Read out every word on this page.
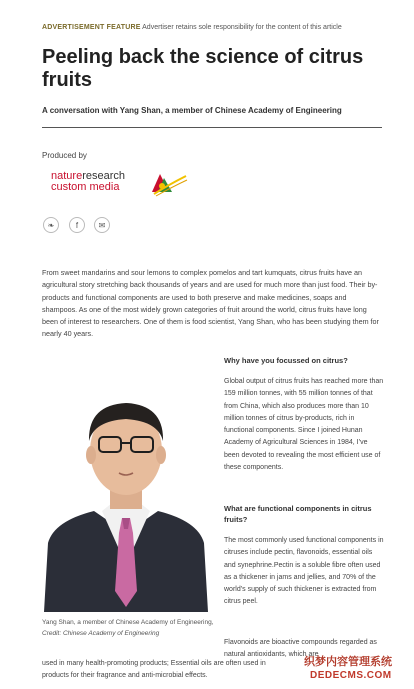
ADVERTISEMENT FEATURE Advertiser retains sole responsibility for the content of this article
Peeling back the science of citrus fruits
A conversation with Yang Shan, a member of Chinese Academy of Engineering
Produced by
natureresearch
custom media
❧	f	✉

From sweet mandarins and sour lemons to complex pomelos and tart kumquats, citrus fruits have an agricultural story stretching back thousands of years and are used for much more than just food. Their by-products and functional components are used to both preserve and make medicines, soaps and shampoos. As one of the most widely grown categories of fruit around the world, citrus fruits have long been of interest to researchers. One of them is food scientist, Yang Shan, who has been studying them for nearly 40 years.

Why have you focussed on citrus?

Global output of citrus fruits has reached more than 159 million tonnes, with 55 million tonnes of that from China, which also produces more than 10 million tonnes of citrus by-products, rich in functional components. Since I joined Hunan Academy of Agricultural Sciences in 1984, I’ve been devoted to revealing the most efficient use of these components.

What are functional components in citrus fruits?

The most commonly used functional components in citruses include pectin, flavonoids, essential oils and synephrine.Pectin is a soluble fibre often used as a thickener in jams and jellies, and 70% of the world’s supply of such thickener is extracted from citrus peel.

Flavonoids are bioactive compounds regarded as natural antioxidants, which are

Yang Shan, a member of Chinese Academy of Engineering, Credit: Chinese Academy of Engineering

used in many health-promoting products; Essential oils are often used in
products for their fragrance and anti-microbial effects.

织梦内容管理系统
DEDECMS.COM
